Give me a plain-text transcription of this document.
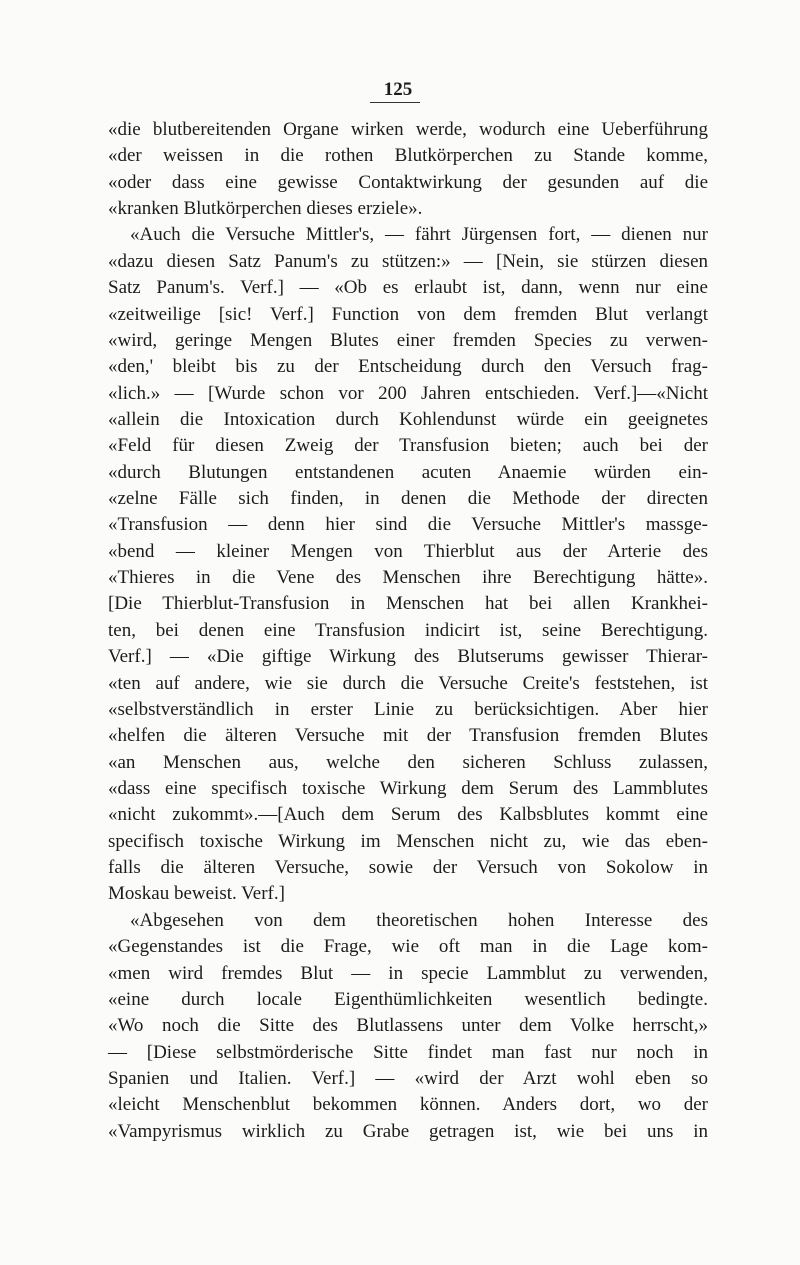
125
«die blutbereitenden Organe wirken werde, wodurch eine Ueberführung
«der weissen in die rothen Blutkörperchen zu Stande komme,
«oder dass eine gewisse Contaktwirkung der gesunden auf die
«kranken Blutkörperchen dieses erziele».
«Auch die Versuche Mittler's, — fährt Jürgensen fort, — dienen nur
«dazu diesen Satz Panum's zu stützen:» — [Nein, sie stürzen diesen
Satz Panum's. Verf.] — «Ob es erlaubt ist, dann, wenn nur eine
«zeitweilige [sic! Verf.] Function von dem fremden Blut verlangt
«wird, geringe Mengen Blutes einer fremden Species zu verwen-
«den,' bleibt bis zu der Entscheidung durch den Versuch frag-
«lich.» — [Wurde schon vor 200 Jahren entschieden. Verf.]—«Nicht
«allein die Intoxication durch Kohlendunst würde ein geeignetes
«Feld für diesen Zweig der Transfusion bieten; auch bei der
«durch Blutungen entstandenen acuten Anaemie würden ein-
«zelne Fälle sich finden, in denen die Methode der directen
«Transfusion — denn hier sind die Versuche Mittler's massge-
«bend — kleiner Mengen von Thierblut aus der Arterie des
«Thieres in die Vene des Menschen ihre Berechtigung hätte».
[Die Thierblut-Transfusion in Menschen hat bei allen Krankhei-
ten, bei denen eine Transfusion indicirt ist, seine Berechtigung.
Verf.] — «Die giftige Wirkung des Blutserums gewisser Thierar-
«ten auf andere, wie sie durch die Versuche Creite's feststehen, ist
«selbstverständlich in erster Linie zu berücksichtigen. Aber hier
«helfen die älteren Versuche mit der Transfusion fremden Blutes
«an Menschen aus, welche den sicheren Schluss zulassen,
«dass eine specifisch toxische Wirkung dem Serum des Lammblutes
«nicht zukommt».—[Auch dem Serum des Kalbsblutes kommt eine
specifisch toxische Wirkung im Menschen nicht zu, wie das eben-
falls die älteren Versuche, sowie der Versuch von Sokolow in
Moskau beweist. Verf.]
«Abgesehen von dem theoretischen hohen Interesse des
«Gegenstandes ist die Frage, wie oft man in die Lage kom-
«men wird fremdes Blut — in specie Lammblut zu verwenden,
«eine durch locale Eigenthümlichkeiten wesentlich bedingte.
«Wo noch die Sitte des Blutlassens unter dem Volke herrscht,»
— [Diese selbstmörderische Sitte findet man fast nur noch in
Spanien und Italien. Verf.] — «wird der Arzt wohl eben so
«leicht Menschenblut bekommen können. Anders dort, wo der
«Vampyrismus wirklich zu Grabe getragen ist, wie bei uns in
